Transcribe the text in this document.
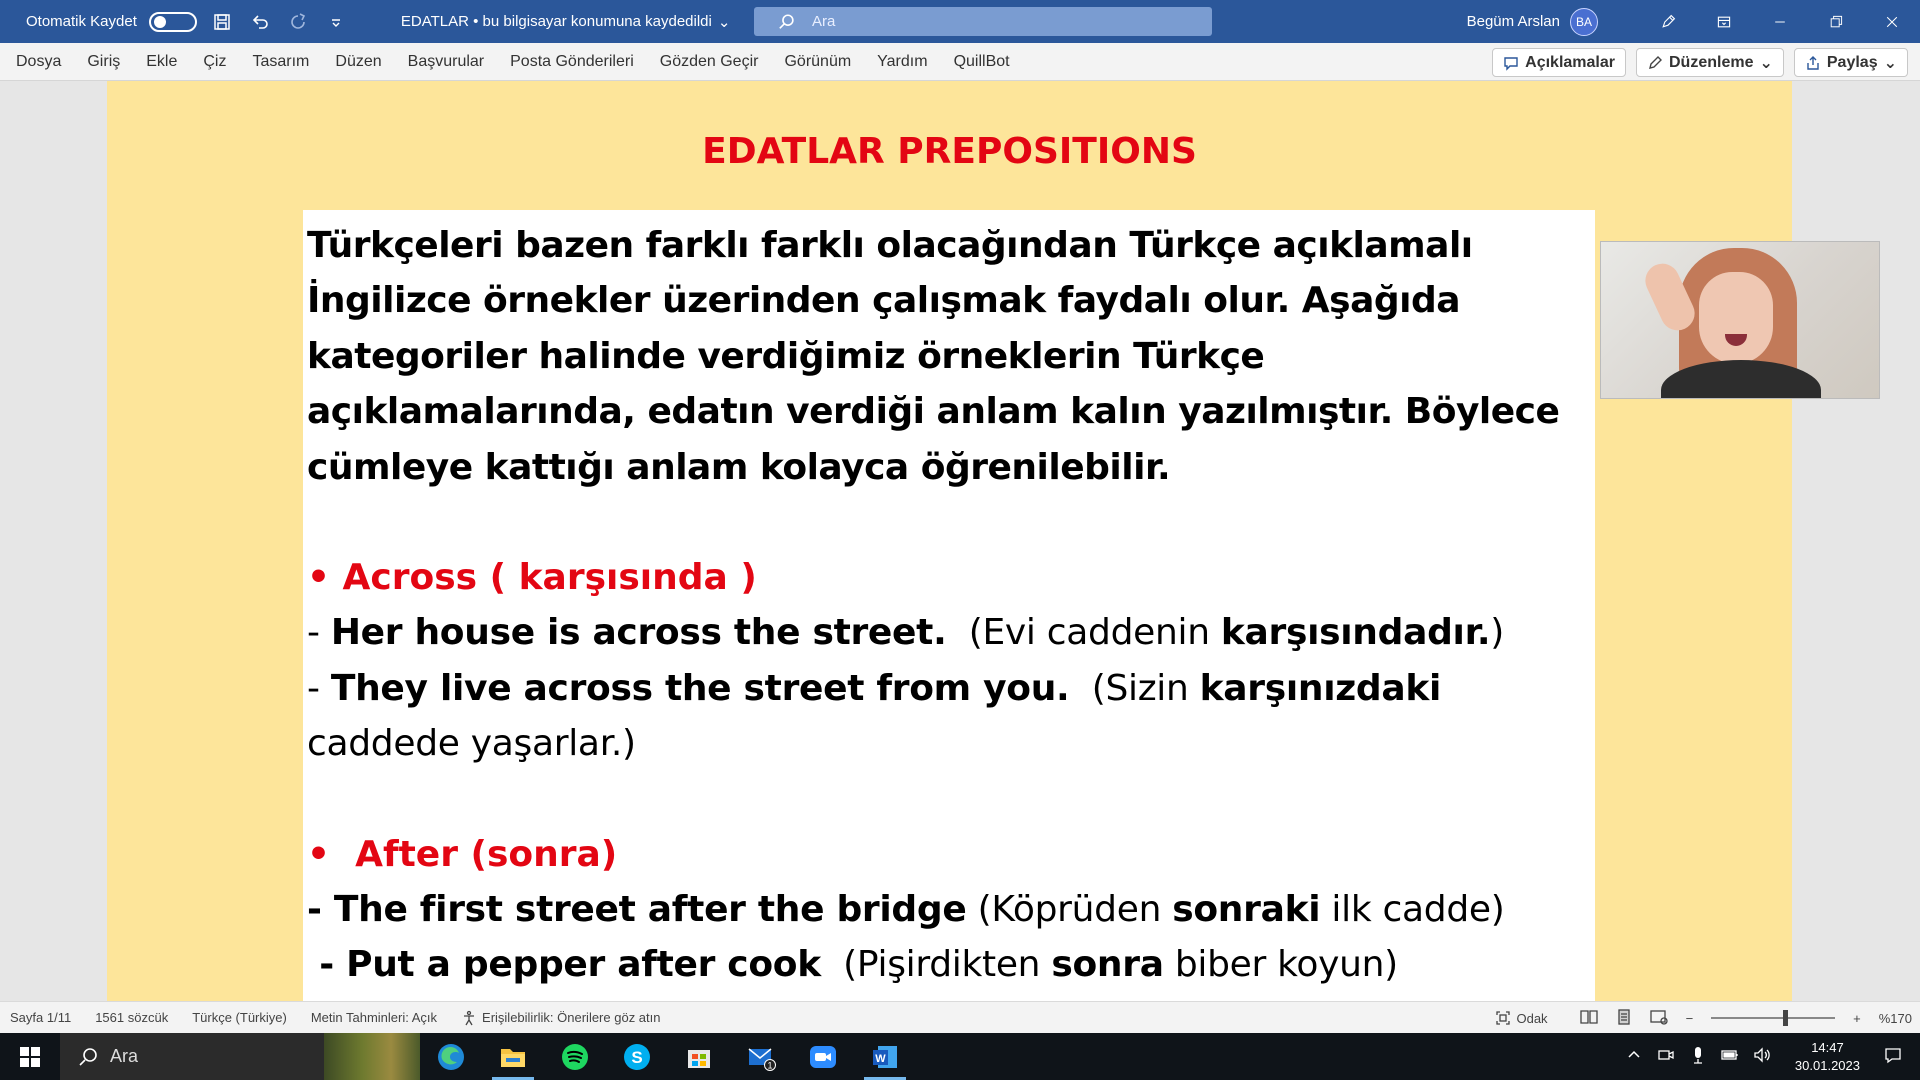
Otomatik Kaydet	EDATLAR • bu bilgisayar konumuna kaydedildi ⌄	Ara	Begüm Arslan	BA
Dosya	Giriş	Ekle	Çiz	Tasarım	Düzen	Başvurular	Posta Gönderileri	Gözden Geçir	Görünüm	Yardım	QuillBot	Açıklamalar	Düzenleme ⌄	Paylaş ⌄
EDATLAR PREPOSITIONS
Türkçeleri bazen farklı farklı olacağından Türkçe açıklamalı İngilizce örnekler üzerinden çalışmak faydalı olur. Aşağıda kategoriler halinde verdiğimiz örneklerin Türkçe açıklamalarında, edatın verdiği anlam kalın yazılmıştır. Böylece cümleye kattığı anlam kolayca öğrenilebilir.
• Across ( karşısında )
- Her house is across the street.  (Evi caddenin karşısındadır.)
- They live across the street from you.  (Sizin karşınızdaki caddede yaşarlar.)
•  After (sonra)
- The first street after the bridge (Köprüden sonraki ilk cadde)
- Put a pepper after cook  (Pişirdikten sonra biber koyun)
Sayfa 1/11	1561 sözcük	Türkçe (Türkiye)	Metin Tahminleri: Açık	Erişilebilirlik: Önerilere göz atın	Odak	−	+ %170
Ara	S	1
W
14:47
30.01.2023
